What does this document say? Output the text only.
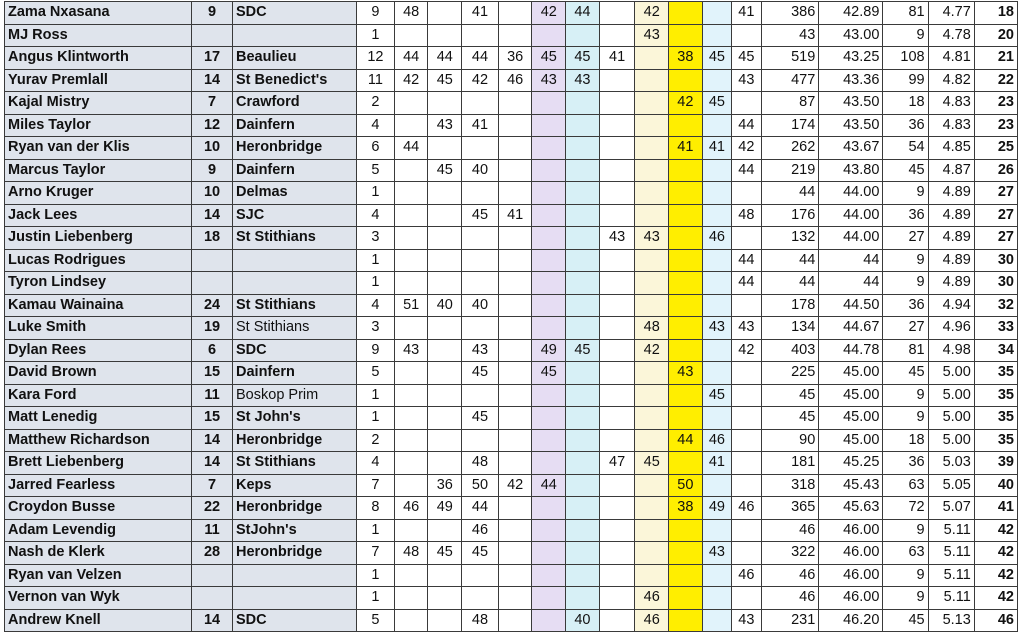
Zama Nxasana	9	SDC	9	48		41		42	44		42			41	386	42.89	81	4.77	18
MJ Ross			1								43				43	43.00	9	4.78	20
Angus Klintworth	17	Beaulieu	12	44	44	44	36	45	45	41		38	45	45	519	43.25	108	4.81	21
Yurav Premlall	14	St Benedict's	11	42	45	42	46	43	43					43	477	43.36	99	4.82	22
Kajal Mistry	7	Crawford	2									42	45		87	43.50	18	4.83	23
Miles Taylor	12	Dainfern	4		43	41								44	174	43.50	36	4.83	23
Ryan van der Klis	10	Heronbridge	6	44								41	41	42	262	43.67	54	4.85	25
Marcus Taylor	9	Dainfern	5		45	40								44	219	43.80	45	4.87	26
Arno Kruger	10	Delmas	1												44	44.00	9	4.89	27
Jack Lees	14	SJC	4			45	41							48	176	44.00	36	4.89	27
Justin Liebenberg	18	St Stithians	3							43	43		46		132	44.00	27	4.89	27
Lucas Rodrigues			1											44	44	44	9	4.89	30
Tyron Lindsey			1											44	44	44	9	4.89	30
Kamau Wainaina	24	St Stithians	4	51	40	40									178	44.50	36	4.94	32
Luke Smith	19	St Stithians	3								48		43	43	134	44.67	27	4.96	33
Dylan Rees	6	SDC	9	43		43		49	45		42			42	403	44.78	81	4.98	34
David Brown	15	Dainfern	5			45		45				43			225	45.00	45	5.00	35
Kara Ford	11	Boskop Prim	1										45		45	45.00	9	5.00	35
Matt Lenedig	15	St John's	1			45									45	45.00	9	5.00	35
Matthew Richardson	14	Heronbridge	2									44	46		90	45.00	18	5.00	35
Brett Liebenberg	14	St Stithians	4			48				47	45		41		181	45.25	36	5.03	39
Jarred Fearless	7	Keps	7		36	50	42	44				50			318	45.43	63	5.05	40
Croydon Busse	22	Heronbridge	8	46	49	44						38	49	46	365	45.63	72	5.07	41
Adam Levendig	11	StJohn's	1			46									46	46.00	9	5.11	42
Nash de Klerk	28	Heronbridge	7	48	45	45							43		322	46.00	63	5.11	42
Ryan van Velzen			1											46	46	46.00	9	5.11	42
Vernon van Wyk			1								46				46	46.00	9	5.11	42
Andrew Knell	14	SDC	5			48			40		46			43	231	46.20	45	5.13	46
